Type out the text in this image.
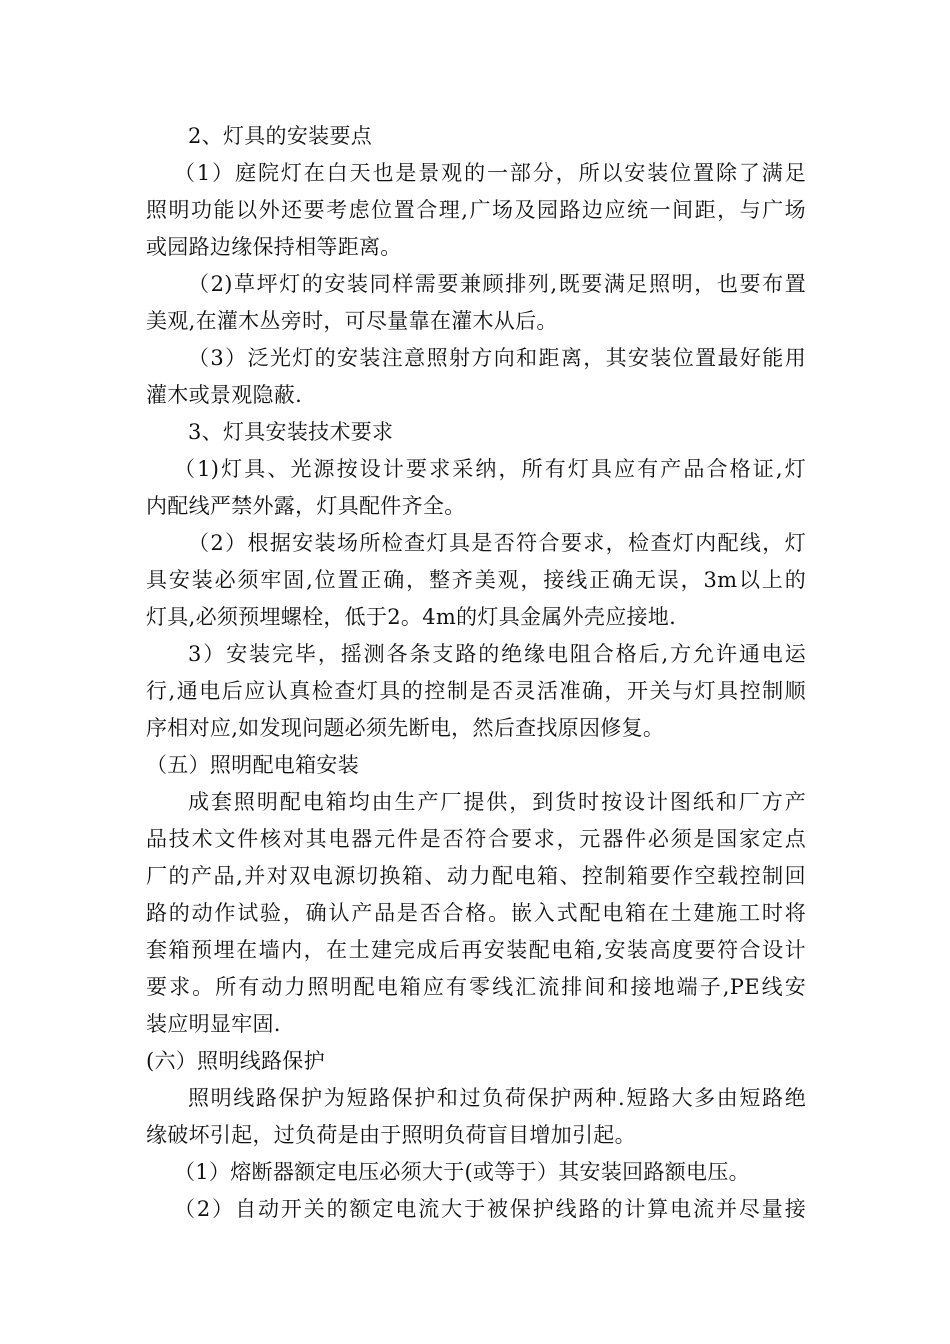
2、灯具的安装要点
（1）庭院灯在白天也是景观的一部分，所以安装位置除了满足
照明功能以外还要考虑位置合理,广场及园路边应统一间距，与广场
或园路边缘保持相等距离。
（2)草坪灯的安装同样需要兼顾排列,既要满足照明，也要布置
美观,在灌木丛旁时，可尽量靠在灌木从后。
（3）泛光灯的安装注意照射方向和距离，其安装位置最好能用
灌木或景观隐蔽.
3、灯具安装技术要求
（1)灯具、光源按设计要求采纳，所有灯具应有产品合格证,灯
内配线严禁外露，灯具配件齐全。
（2）根据安装场所检查灯具是否符合要求，检查灯内配线，灯
具安装必须牢固,位置正确，整齐美观，接线正确无误，3m以上的
灯具,必须预埋螺栓，低于2。4m的灯具金属外壳应接地.
3）安装完毕，摇测各条支路的绝缘电阻合格后,方允许通电运
行,通电后应认真检查灯具的控制是否灵活准确，开关与灯具控制顺
序相对应,如发现问题必须先断电，然后查找原因修复。
（五）照明配电箱安装
成套照明配电箱均由生产厂提供，到货时按设计图纸和厂方产
品技术文件核对其电器元件是否符合要求，元器件必须是国家定点
厂的产品,并对双电源切换箱、动力配电箱、控制箱要作空载控制回
路的动作试验，确认产品是否合格。嵌入式配电箱在土建施工时将
套箱预埋在墙内，在土建完成后再安装配电箱,安装高度要符合设计
要求。所有动力照明配电箱应有零线汇流排间和接地端子,PE线安
装应明显牢固.
(六）照明线路保护
照明线路保护为短路保护和过负荷保护两种.短路大多由短路绝
缘破坏引起，过负荷是由于照明负荷盲目增加引起。
（1）熔断器额定电压必须大于(或等于）其安装回路额电压。
（2）自动开关的额定电流大于被保护线路的计算电流并尽量接
